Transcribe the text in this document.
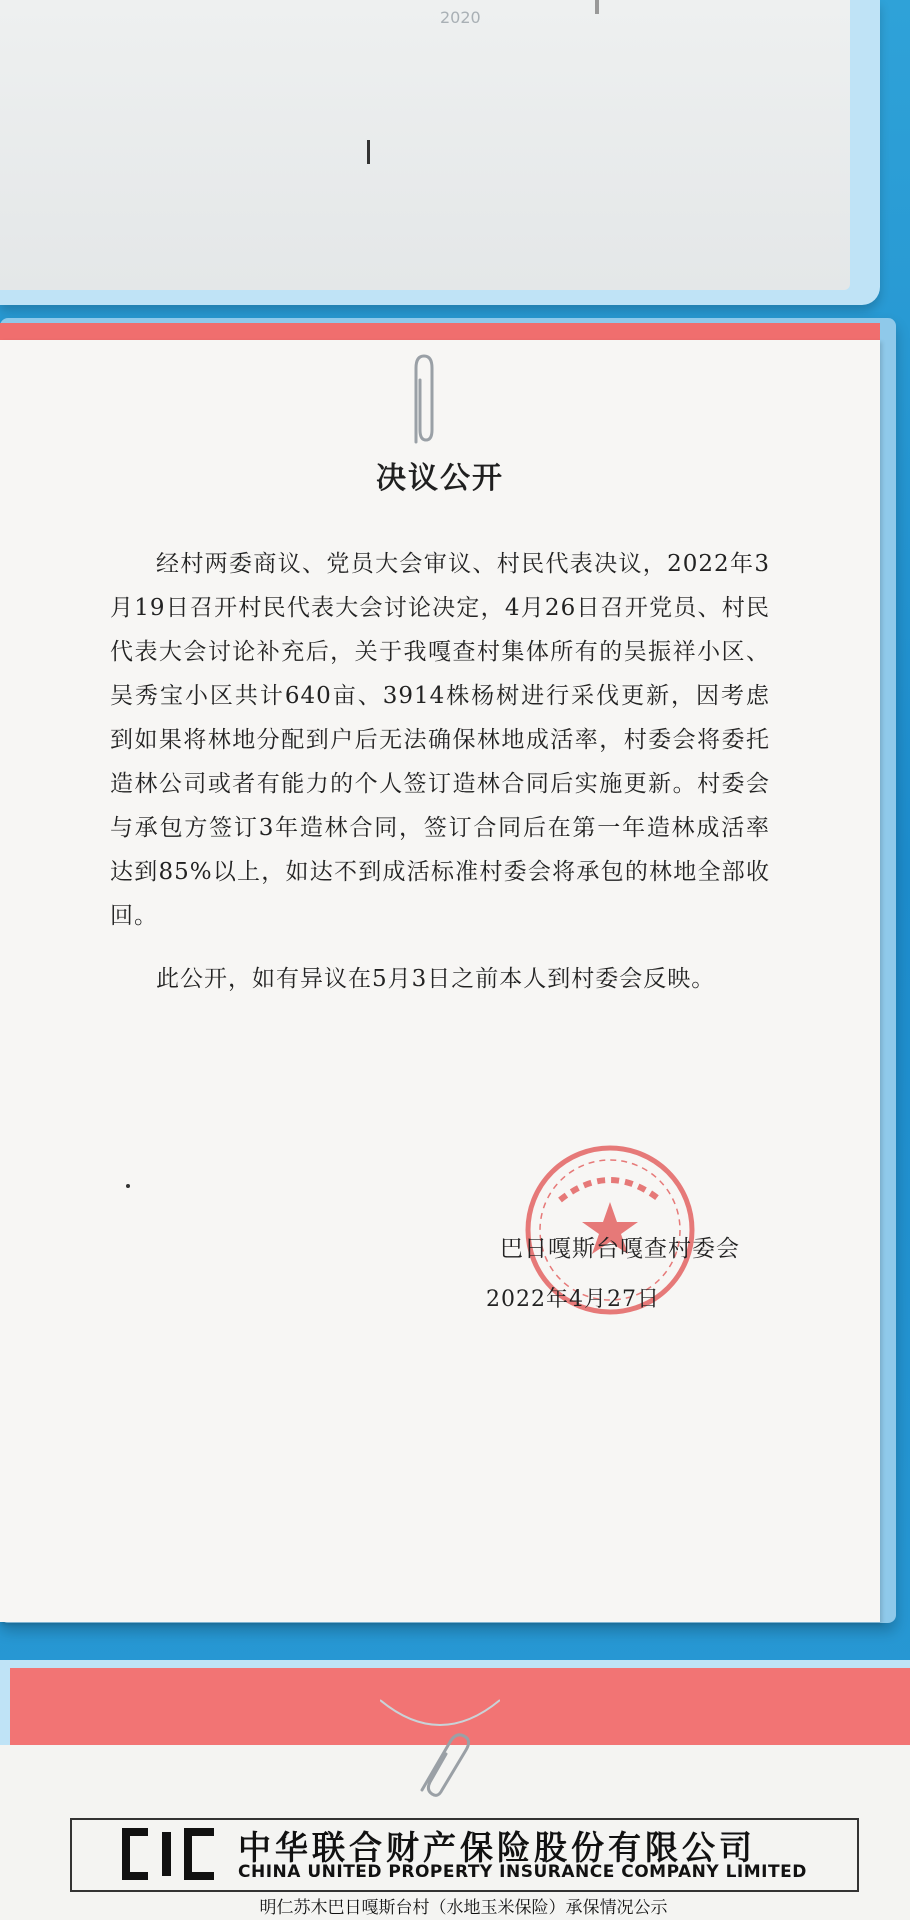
2020
决议公开

经村两委商议、党员大会审议、村民代表决议，2022年3月19日召开村民代表大会讨论决定，4月26日召开党员、村民代表大会讨论补充后，关于我嘎查村集体所有的吴振祥小区、吴秀宝小区共计640亩、3914株杨树进行采伐更新，因考虑到如果将林地分配到户后无法确保林地成活率，村委会将委托造林公司或者有能力的个人签订造林合同后实施更新。村委会与承包方签订3年造林合同，签订合同后在第一年造林成活率达到85%以上，如达不到成活标准村委会将承包的林地全部收回。

此公开，如有异议在5月3日之前本人到村委会反映。
巴日嘎斯台嘎查村委会
2022年4月27日
中华联合财产保险股份有限公司
CHINA UNITED PROPERTY INSURANCE COMPANY LIMITED
明仁苏木巴日嘎斯台村（水地玉米保险）承保情况公示
